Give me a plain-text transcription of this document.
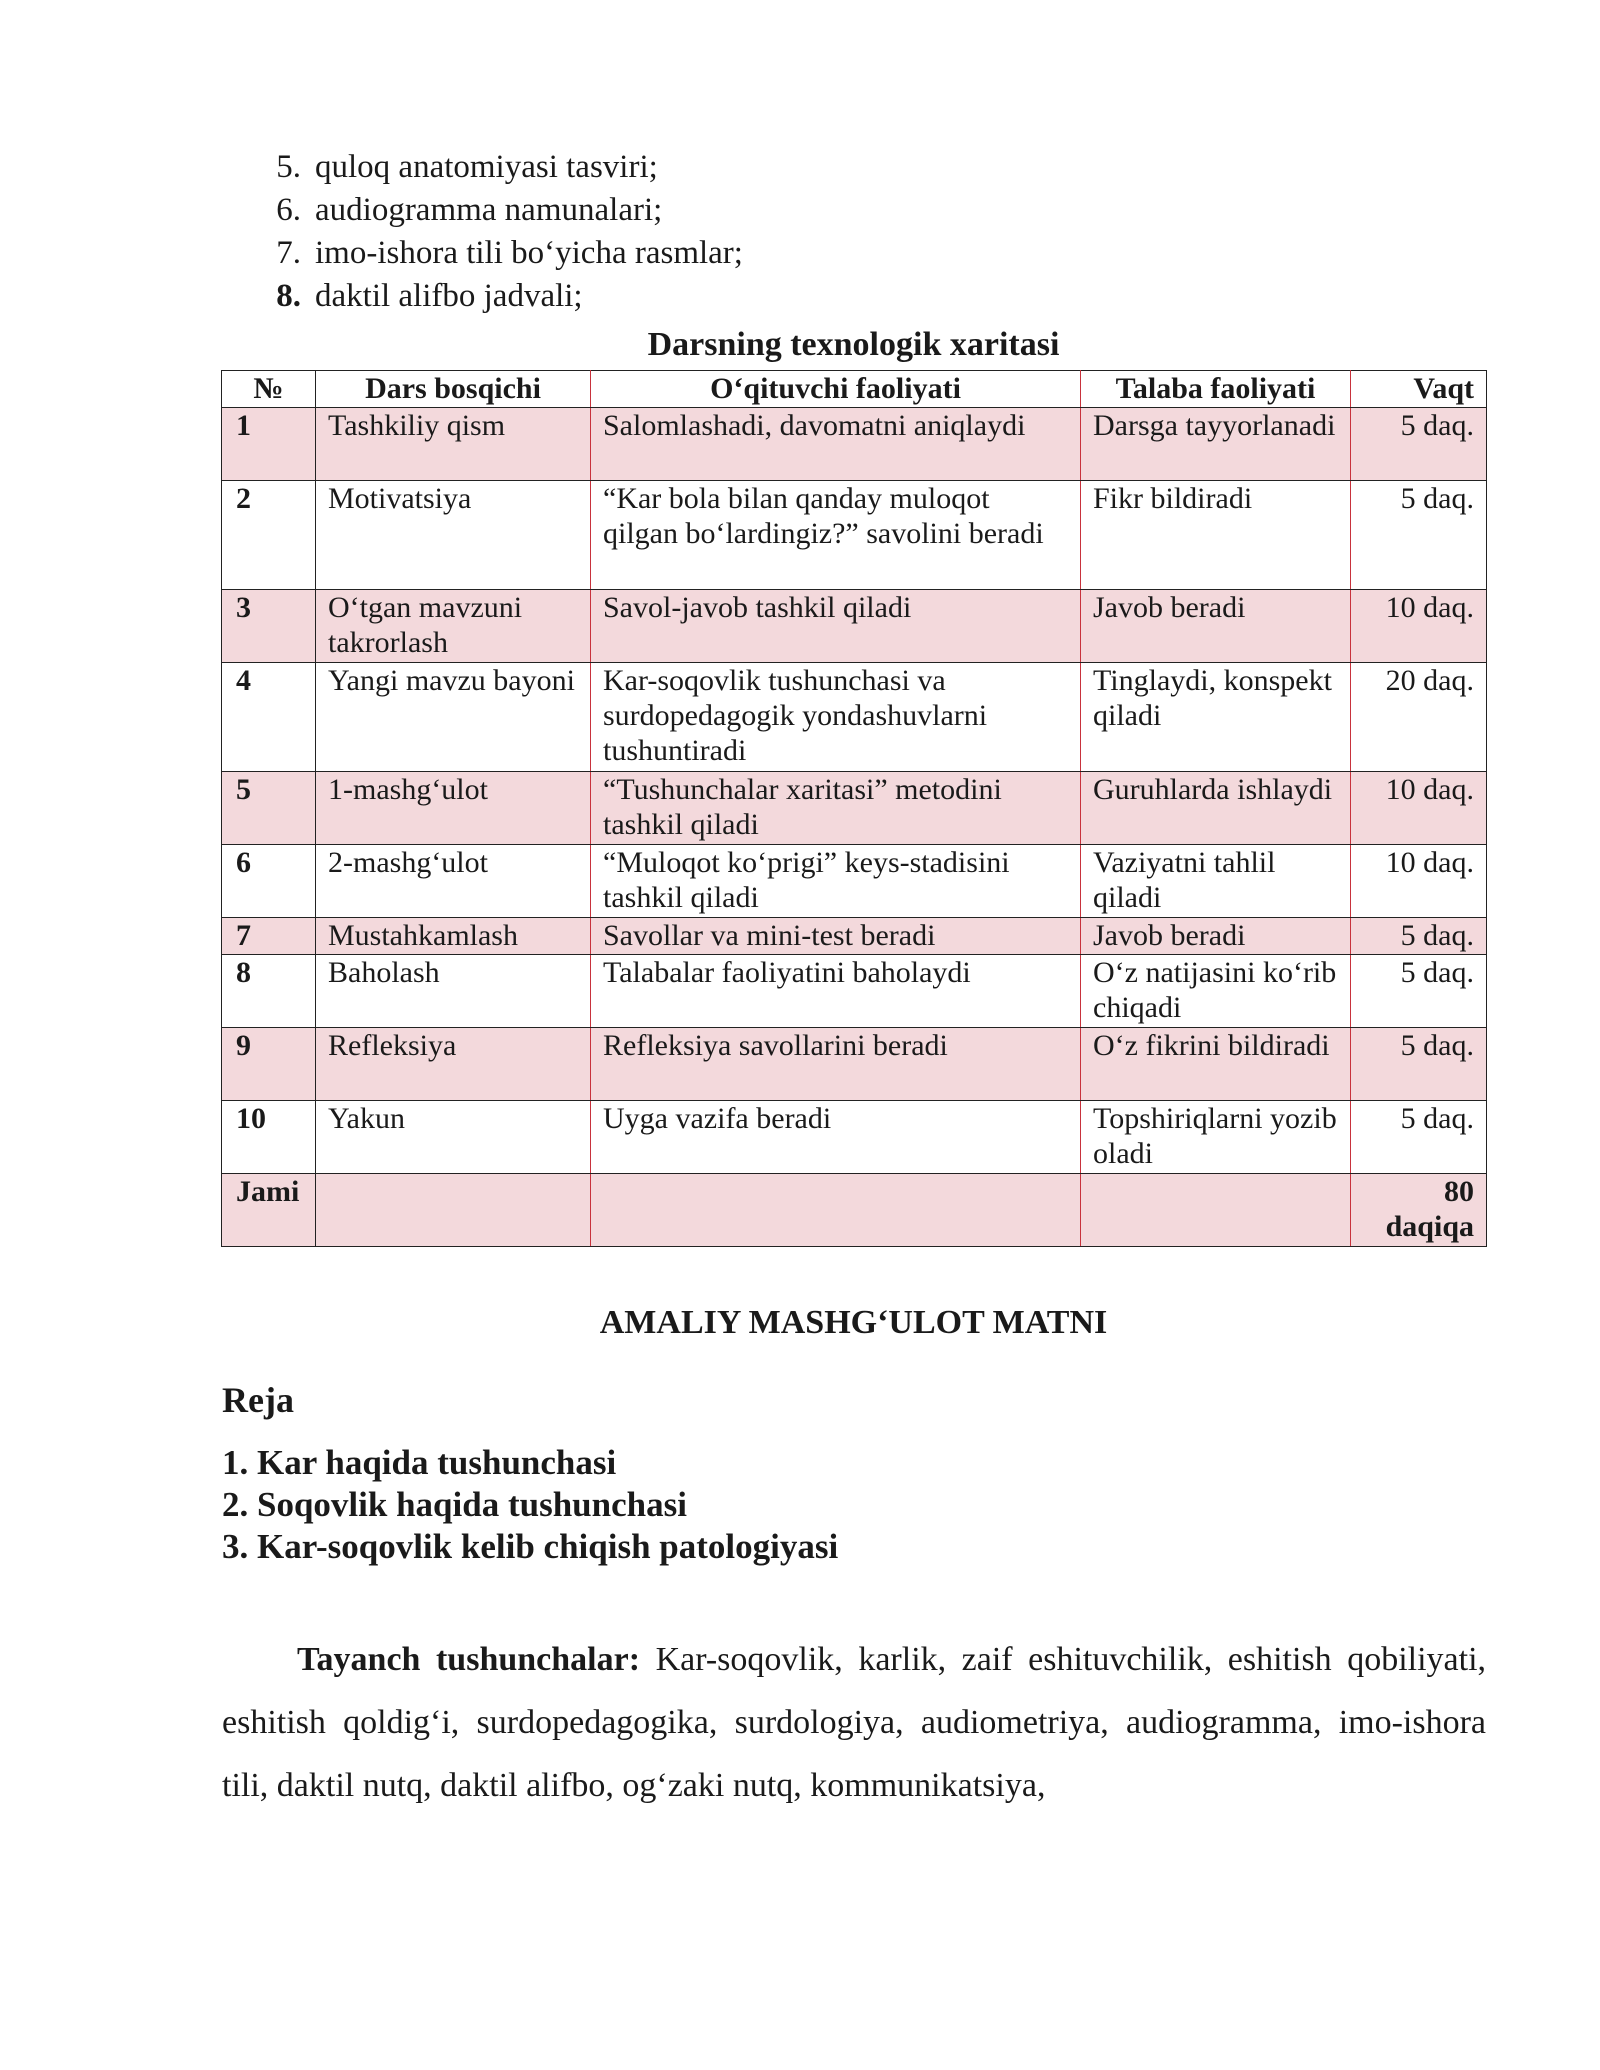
5. quloq anatomiyasi tasviri;
6. audiogramma namunalari;
7. imo-ishora tili bo‘yicha rasmlar;
8. daktil alifbo jadvali;
Darsning texnologik xaritasi
№	Dars bosqichi	O‘qituvchi faoliyati	Talaba faoliyati	Vaqt
1	Tashkiliy qism	Salomlashadi, davomatni aniqlaydi	Darsga tayyorlanadi	5 daq.
2	Motivatsiya	“Kar bola bilan qanday muloqot qilgan bo‘lardingiz?” savolini beradi	Fikr bildiradi	5 daq.
3	O‘tgan mavzuni takrorlash	Savol-javob tashkil qiladi	Javob beradi	10 daq.
4	Yangi mavzu bayoni	Kar-soqovlik tushunchasi va surdopedagogik yondashuvlarni tushuntiradi	Tinglaydi, konspekt qiladi	20 daq.
5	1-mashg‘ulot	“Tushunchalar xaritasi” metodini tashkil qiladi	Guruhlarda ishlaydi	10 daq.
6	2-mashg‘ulot	“Muloqot ko‘prigi” keys-stadisini tashkil qiladi	Vaziyatni tahlil qiladi	10 daq.
7	Mustahkamlash	Savollar va mini-test beradi	Javob beradi	5 daq.
8	Baholash	Talabalar faoliyatini baholaydi	O‘z natijasini ko‘rib chiqadi	5 daq.
9	Refleksiya	Refleksiya savollarini beradi	O‘z fikrini bildiradi	5 daq.
10	Yakun	Uyga vazifa beradi	Topshiriqlarni yozib oladi	5 daq.
Jami				80 daqiqa
AMALIY MASHG‘ULOT MATNI
Reja
1. Kar haqida tushunchasi
2. Soqovlik haqida tushunchasi
3. Kar-soqovlik kelib chiqish patologiyasi
Tayanch tushunchalar: Kar-soqovlik, karlik, zaif eshituvchilik, eshitish qobiliyati, eshitish qoldig‘i, surdopedagogika, surdologiya, audiometriya, audiogramma, imo-ishora tili, daktil nutq, daktil alifbo, og‘zaki nutq, kommunikatsiya,
